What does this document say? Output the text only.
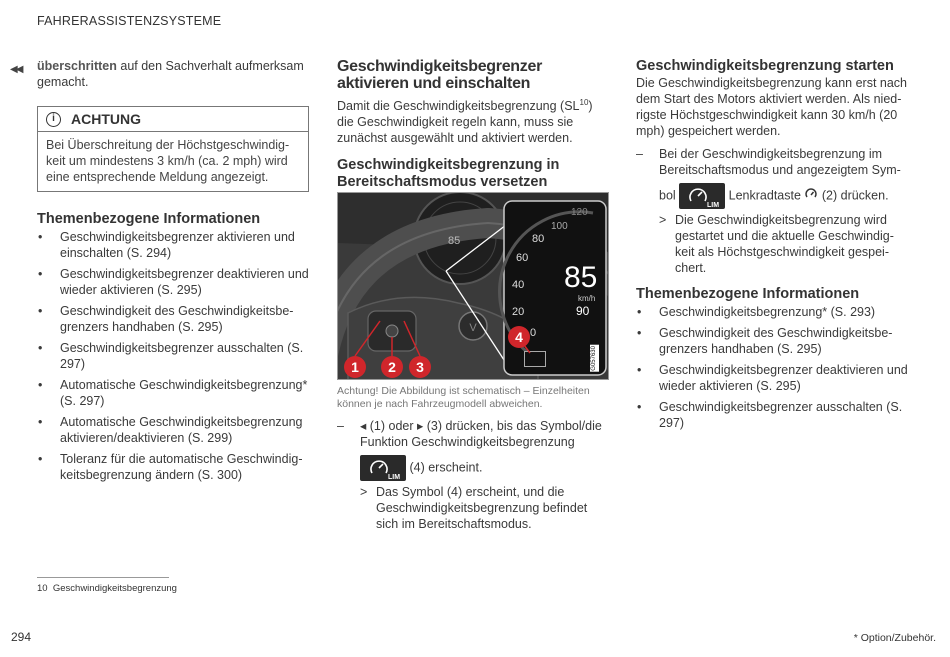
FAHRERASSISTENZSYSTEME
◀◀ überschritten auf den Sachverhalt aufmerksam gemacht.

i	ACHTUNG
Bei Überschreitung der Höchstgeschwindigkeit um mindestens 3 km/h (ca. 2 mph) wird eine entsprechende Meldung angezeigt.
Themenbezogene Informationen
• Geschwindigkeitsbegrenzer aktivieren und einschalten (S. 294)
• Geschwindigkeitsbegrenzer deaktivieren und wieder aktivieren (S. 295)
• Geschwindigkeit des Geschwindigkeitsbegrenzers handhaben (S. 295)
• Geschwindigkeitsbegrenzer ausschalten (S. 297)
• Automatische Geschwindigkeitsbegrenzung* (S. 297)
• Automatische Geschwindigkeitsbegrenzung aktivieren/deaktivieren (S. 299)
• Toleranz für die automatische Geschwindigkeitsbegrenzung ändern (S. 300)
Geschwindigkeitsbegrenzer aktivieren und einschalten

Damit die Geschwindigkeitsbegrenzung (SL$^{10}$) die Geschwindigkeit regeln kann, muss sie zunächst ausgewählt und aktiviert werden.

Geschwindigkeitsbegrenzung in Bereitschaftsmodus versetzen
V
85
120
100
80
60
40
20
0
85
km/h
90
G057630
1	2	3
4
Achtung! Die Abbildung ist schematisch – Einzelheiten können je nach Fahrzeugmodell abweichen.
– ◂ (1) oder ▸ (3) drücken, bis das Symbol/die Funktion Geschwindigkeitsbegrenzung
LIM
(4) erscheint.
> Das Symbol (4) erscheint, und die Geschwindigkeitsbegrenzung befindet sich im Bereitschaftsmodus.
Geschwindigkeitsbegrenzung starten

Die Geschwindigkeitsbegrenzung kann erst nach dem Start des Motors aktiviert werden. Als niedrigste Höchstgeschwindigkeit kann 30 km/h (20 mph) gespeichert werden.

– Bei der Geschwindigkeitsbegrenzung im Bereitschaftsmodus und angezeigtem Sym-
bol
LIM
Lenkradtaste  (2) drücken.
> Die Geschwindigkeitsbegrenzung wird gestartet und die aktuelle Geschwindigkeit als Höchstgeschwindigkeit gespeichert.
Themenbezogene Informationen
• Geschwindigkeitsbegrenzung* (S. 293)
• Geschwindigkeit des Geschwindigkeitsbegrenzers handhaben (S. 295)
• Geschwindigkeitsbegrenzer deaktivieren und wieder aktivieren (S. 295)
• Geschwindigkeitsbegrenzer ausschalten (S. 297)
10 Geschwindigkeitsbegrenzung
294	* Option/Zubehör.
